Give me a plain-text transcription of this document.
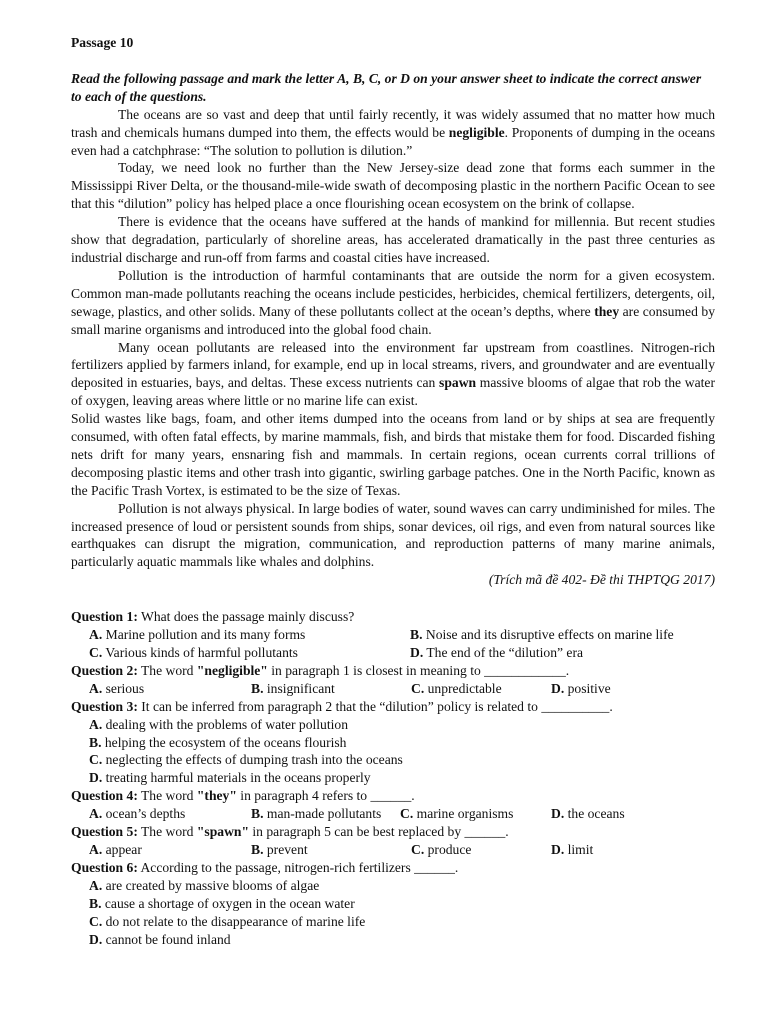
Passage 10
Read the following passage and mark the letter A, B, C, or D on your answer sheet to indicate the correct answer to each of the questions.
The oceans are so vast and deep that until fairly recently, it was widely assumed that no matter how much trash and chemicals humans dumped into them, the effects would be negligible. Proponents of dumping in the oceans even had a catchphrase: “The solution to pollution is dilution.”
Today, we need look no further than the New Jersey-size dead zone that forms each summer in the Mississippi River Delta, or the thousand-mile-wide swath of decomposing plastic in the northern Pacific Ocean to see that this “dilution” policy has helped place a once flourishing ocean ecosystem on the brink of collapse.
There is evidence that the oceans have suffered at the hands of mankind for millennia. But recent studies show that degradation, particularly of shoreline areas, has accelerated dramatically in the past three centuries as industrial discharge and run-off from farms and coastal cities have increased.
Pollution is the introduction of harmful contaminants that are outside the norm for a given ecosystem. Common man-made pollutants reaching the oceans include pesticides, herbicides, chemical fertilizers, detergents, oil, sewage, plastics, and other solids. Many of these pollutants collect at the ocean’s depths, where they are consumed by small marine organisms and introduced into the global food chain.
Many ocean pollutants are released into the environment far upstream from coastlines. Nitrogen-rich fertilizers applied by farmers inland, for example, end up in local streams, rivers, and groundwater and are eventually deposited in estuaries, bays, and deltas. These excess nutrients can spawn massive blooms of algae that rob the water of oxygen, leaving areas where little or no marine life can exist.
Solid wastes like bags, foam, and other items dumped into the oceans from land or by ships at sea are frequently consumed, with often fatal effects, by marine mammals, fish, and birds that mistake them for food. Discarded fishing nets drift for many years, ensnaring fish and mammals. In certain regions, ocean currents corral trillions of decomposing plastic items and other trash into gigantic, swirling garbage patches. One in the North Pacific, known as the Pacific Trash Vortex, is estimated to be the size of Texas.
Pollution is not always physical. In large bodies of water, sound waves can carry undiminished for miles. The increased presence of loud or persistent sounds from ships, sonar devices, oil rigs, and even from natural sources like earthquakes can disrupt the migration, communication, and reproduction patterns of many marine animals, particularly aquatic mammals like whales and dolphins.
(Trích mã đề 402- Đề thi THPTQG 2017)
Question 1: What does the passage mainly discuss?
A. Marine pollution and its many forms	B. Noise and its disruptive effects on marine life
C. Various kinds of harmful pollutants	D. The end of the “dilution” era
Question 2: The word "negligible" in paragraph 1 is closest in meaning to ____________.
A. serious	B. insignificant	C. unpredictable	D. positive
Question 3: It can be inferred from paragraph 2 that the “dilution” policy is related to __________.
A. dealing with the problems of water pollution
B. helping the ecosystem of the oceans flourish
C. neglecting the effects of dumping trash into the oceans
D. treating harmful materials in the oceans properly
Question 4: The word "they" in paragraph 4 refers to ______.
A. ocean’s depths	B. man-made pollutants	C. marine organisms	D. the oceans
Question 5: The word "spawn" in paragraph 5 can be best replaced by ______.
A. appear	B. prevent	C. produce	D. limit
Question 6: According to the passage, nitrogen-rich fertilizers ______.
A. are created by massive blooms of algae
B. cause a shortage of oxygen in the ocean water
C. do not relate to the disappearance of marine life
D. cannot be found inland
